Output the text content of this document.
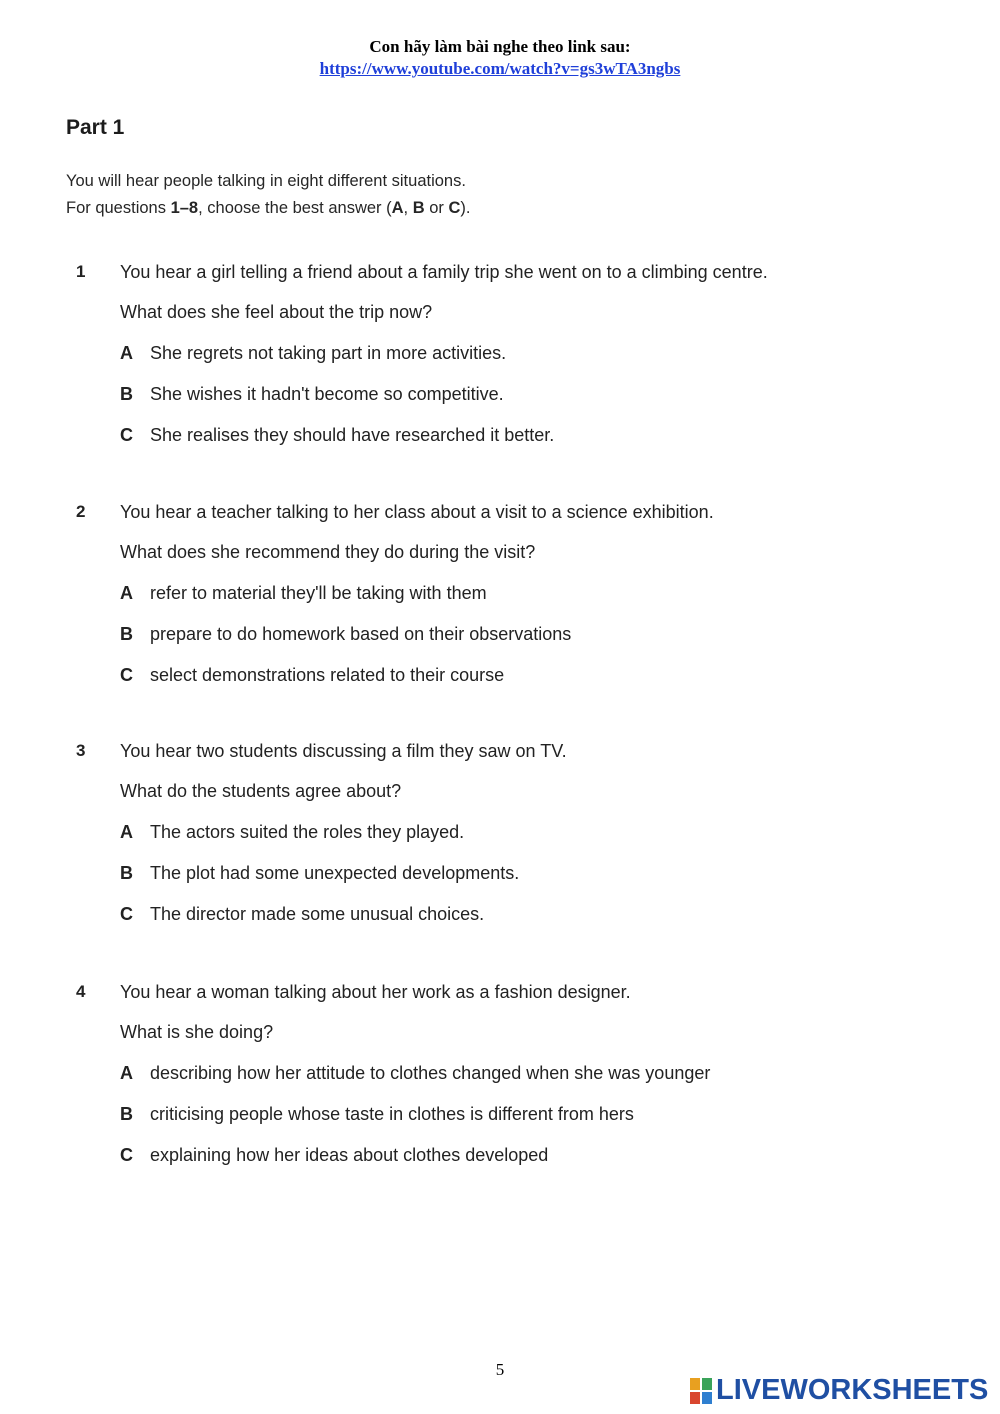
Con hãy làm bài nghe theo link sau:
https://www.youtube.com/watch?v=gs3wTA3ngbs
Part 1
You will hear people talking in eight different situations.
For questions 1–8, choose the best answer (A, B or C).
1 You hear a girl telling a friend about a family trip she went on to a climbing centre.
What does she feel about the trip now?
A She regrets not taking part in more activities.
B She wishes it hadn't become so competitive.
C She realises they should have researched it better.
2 You hear a teacher talking to her class about a visit to a science exhibition.
What does she recommend they do during the visit?
A refer to material they'll be taking with them
B prepare to do homework based on their observations
C select demonstrations related to their course
3 You hear two students discussing a film they saw on TV.
What do the students agree about?
A The actors suited the roles they played.
B The plot had some unexpected developments.
C The director made some unusual choices.
4 You hear a woman talking about her work as a fashion designer.
What is she doing?
A describing how her attitude to clothes changed when she was younger
B criticising people whose taste in clothes is different from hers
C explaining how her ideas about clothes developed
5
LIVEWORKSHEETS
